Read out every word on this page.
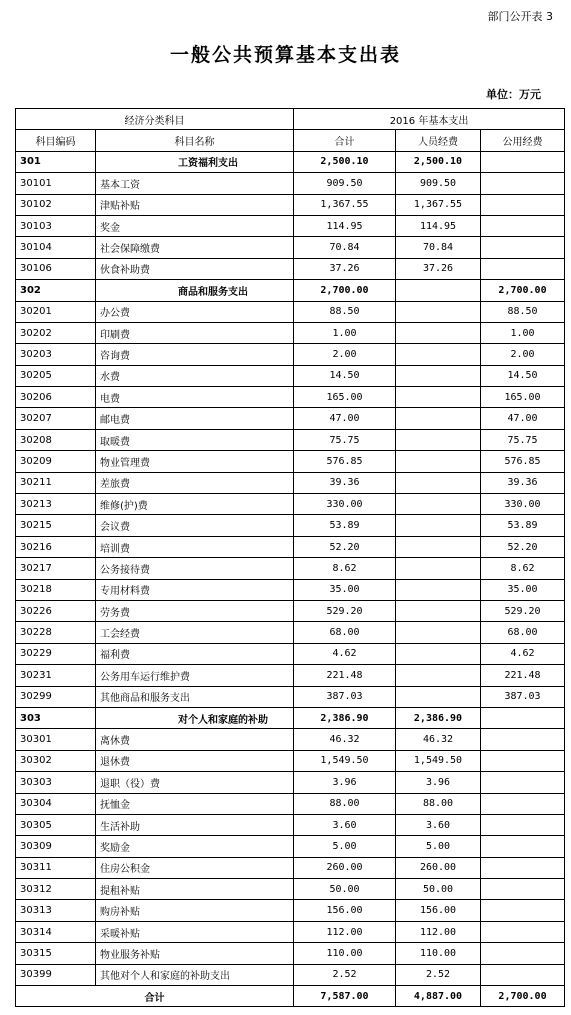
部门公开表 3
一般公共预算基本支出表
单位：万元
经济分类科目		2016 年基本支出		
科目编码	科目名称	合计	人员经费	公用经费
301	工资福利支出	2,500.10	2,500.10	
30101	基本工资	909.50	909.50	
30102	津贴补贴	1,367.55	1,367.55	
30103	奖金	114.95	114.95	
30104	社会保障缴费	70.84	70.84	
30106	伙食补助费	37.26	37.26	
302	商品和服务支出	2,700.00		2,700.00
30201	办公费	88.50		88.50
30202	印刷费	1.00		1.00
30203	咨询费	2.00		2.00
30205	水费	14.50		14.50
30206	电费	165.00		165.00
30207	邮电费	47.00		47.00
30208	取暖费	75.75		75.75
30209	物业管理费	576.85		576.85
30211	差旅费	39.36		39.36
30213	维修(护)费	330.00		330.00
30215	会议费	53.89		53.89
30216	培训费	52.20		52.20
30217	公务接待费	8.62		8.62
30218	专用材料费	35.00		35.00
30226	劳务费	529.20		529.20
30228	工会经费	68.00		68.00
30229	福利费	4.62		4.62
30231	公务用车运行维护费	221.48		221.48
30299	其他商品和服务支出	387.03		387.03
303	对个人和家庭的补助	2,386.90	2,386.90	
30301	离休费	46.32	46.32	
30302	退休费	1,549.50	1,549.50	
30303	退职（役）费	3.96	3.96	
30304	抚恤金	88.00	88.00	
30305	生活补助	3.60	3.60	
30309	奖励金	5.00	5.00	
30311	住房公积金	260.00	260.00	
30312	提租补贴	50.00	50.00	
30313	购房补贴	156.00	156.00	
30314	采暖补贴	112.00	112.00	
30315	物业服务补贴	110.00	110.00	
30399	其他对个人和家庭的补助支出	2.52	2.52	
合计		7,587.00	4,887.00	2,700.00
